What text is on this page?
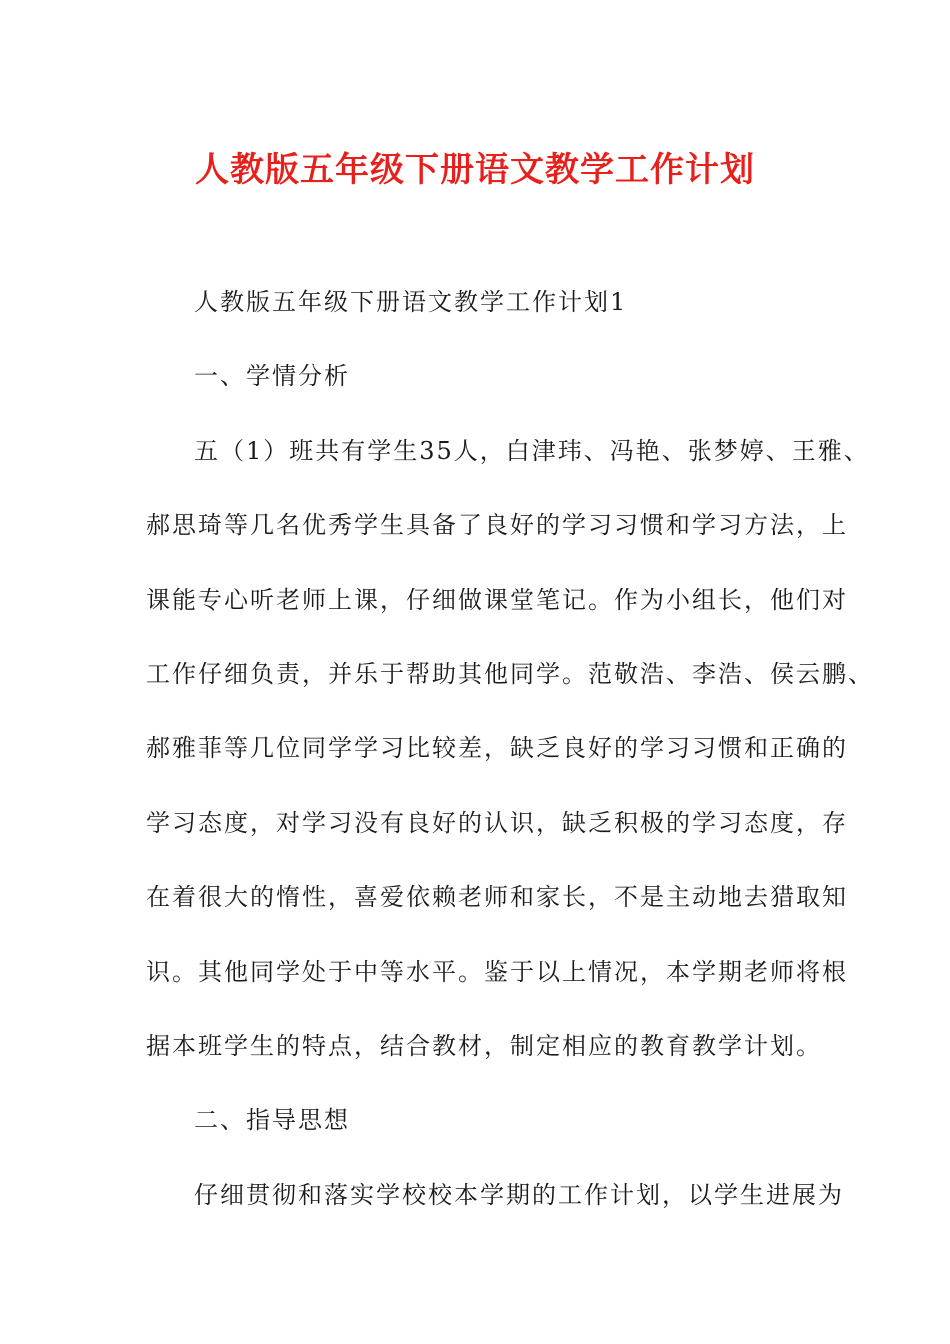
人教版五年级下册语文教学工作计划
人教版五年级下册语文教学工作计划1
一、学情分析
五（1）班共有学生35人，白津玮、冯艳、张梦婷、王雅、
郝思琦等几名优秀学生具备了良好的学习习惯和学习方法，上
课能专心听老师上课，仔细做课堂笔记。作为小组长，他们对
工作仔细负责，并乐于帮助其他同学。范敬浩、李浩、侯云鹏、
郝雅菲等几位同学学习比较差，缺乏良好的学习习惯和正确的
学习态度，对学习没有良好的认识，缺乏积极的学习态度，存
在着很大的惰性，喜爱依赖老师和家长，不是主动地去猎取知
识。其他同学处于中等水平。鉴于以上情况，本学期老师将根
据本班学生的特点，结合教材，制定相应的教育教学计划。
二、指导思想
仔细贯彻和落实学校校本学期的工作计划，以学生进展为
